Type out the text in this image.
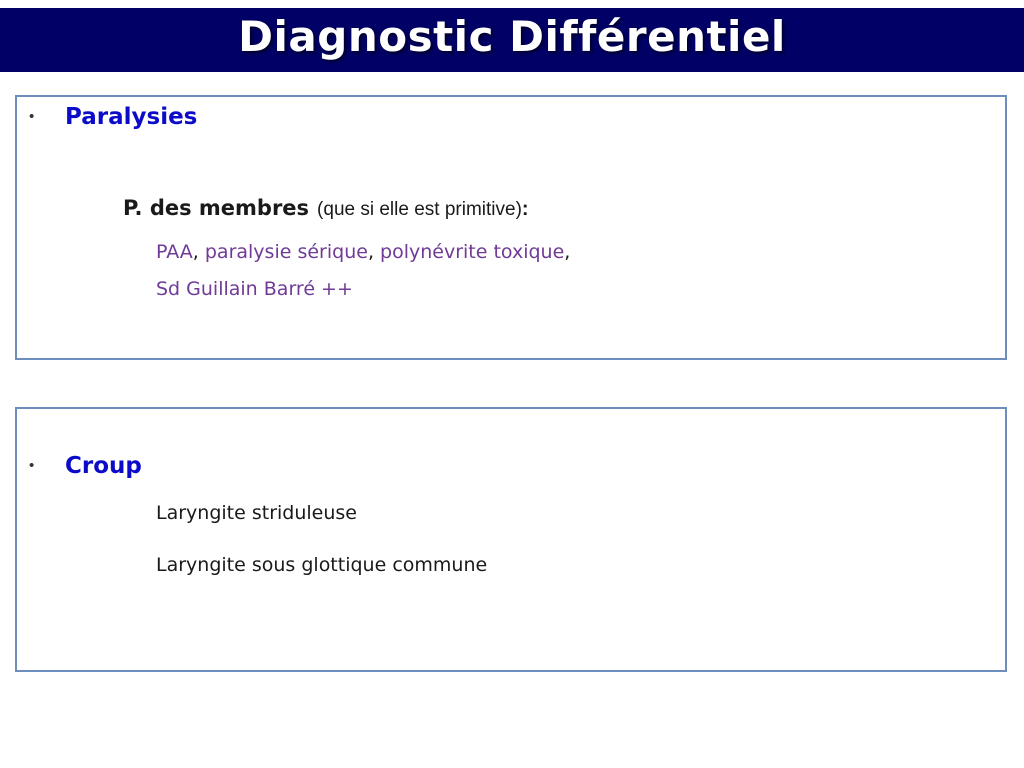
Diagnostic Différentiel
• Paralysies
P. des membres (que si elle est primitive):
PAA, paralysie sérique, polynévrite toxique,
Sd Guillain Barré ++
• Croup
Laryngite striduleuse
Laryngite sous glottique commune
